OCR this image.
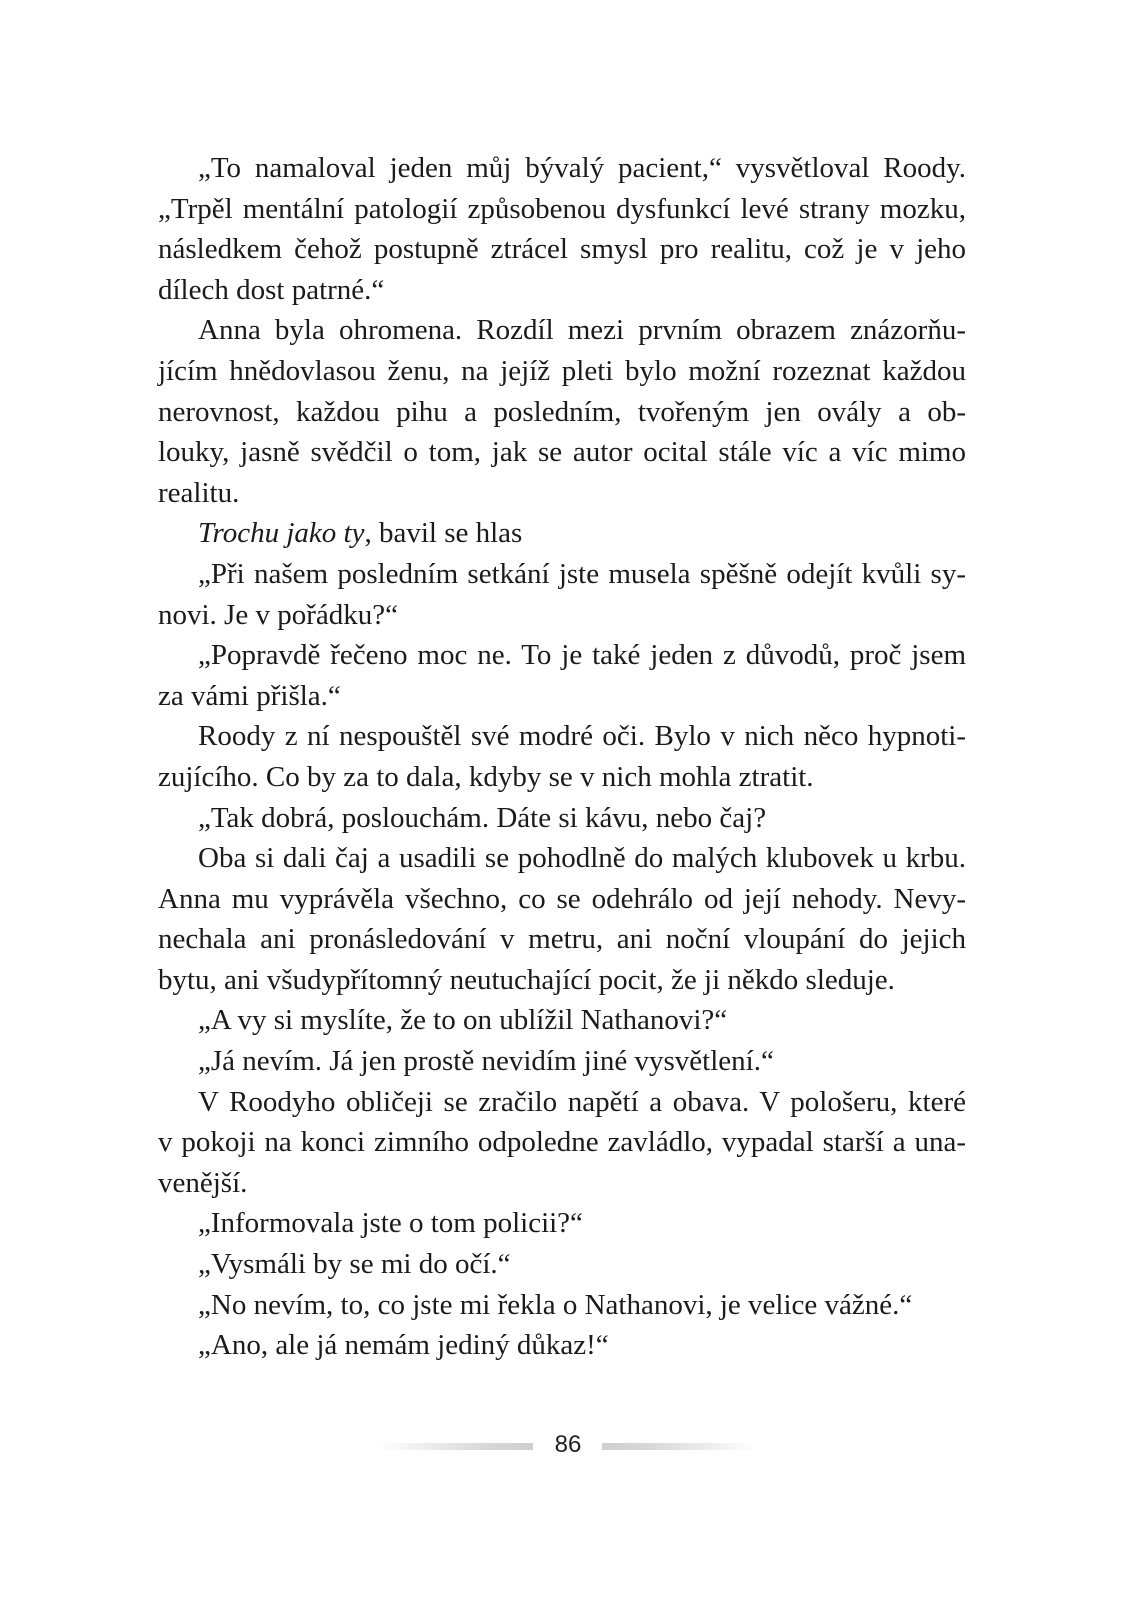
„To namaloval jeden můj bývalý pacient,“ vysvětloval Roody.
„Trpěl mentální patologií způsobenou dysfunkcí levé strany mozku,
následkem čehož postupně ztrácel smysl pro realitu, což je v jeho
dílech dost patrné.“
Anna byla ohromena. Rozdíl mezi prvním obrazem znázorňu-
jícím hnědovlasou ženu, na jejíž pleti bylo možní rozeznat každou
nerovnost, každou pihu a posledním, tvořeným jen ovály a ob-
louky, jasně svědčil o tom, jak se autor ocital stále víc a víc mimo
realitu.
Trochu jako ty, bavil se hlas
„Při našem posledním setkání jste musela spěšně odejít kvůli sy-
novi. Je v pořádku?“
„Popravdě řečeno moc ne. To je také jeden z důvodů, proč jsem
za vámi přišla.“
Roody z ní nespouštěl své modré oči. Bylo v nich něco hypnoti-
zujícího. Co by za to dala, kdyby se v nich mohla ztratit.
„Tak dobrá, poslouchám. Dáte si kávu, nebo čaj?
Oba si dali čaj a usadili se pohodlně do malých klubovek u krbu.
Anna mu vyprávěla všechno, co se odehrálo od její nehody. Nevy-
nechala ani pronásledování v metru, ani noční vloupání do jejich
bytu, ani všudypřítomný neutuchající pocit, že ji někdo sleduje.
„A vy si myslíte, že to on ublížil Nathanovi?“
„Já nevím. Já jen prostě nevidím jiné vysvětlení.“
V Roodyho obličeji se zračilo napětí a obava. V pološeru, které
v pokoji na konci zimního odpoledne zavládlo, vypadal starší a una-
venější.
„Informovala jste o tom policii?“
„Vysmáli by se mi do očí.“
„No nevím, to, co jste mi řekla o Nathanovi, je velice vážné.“
„Ano, ale já nemám jediný důkaz!“
86
